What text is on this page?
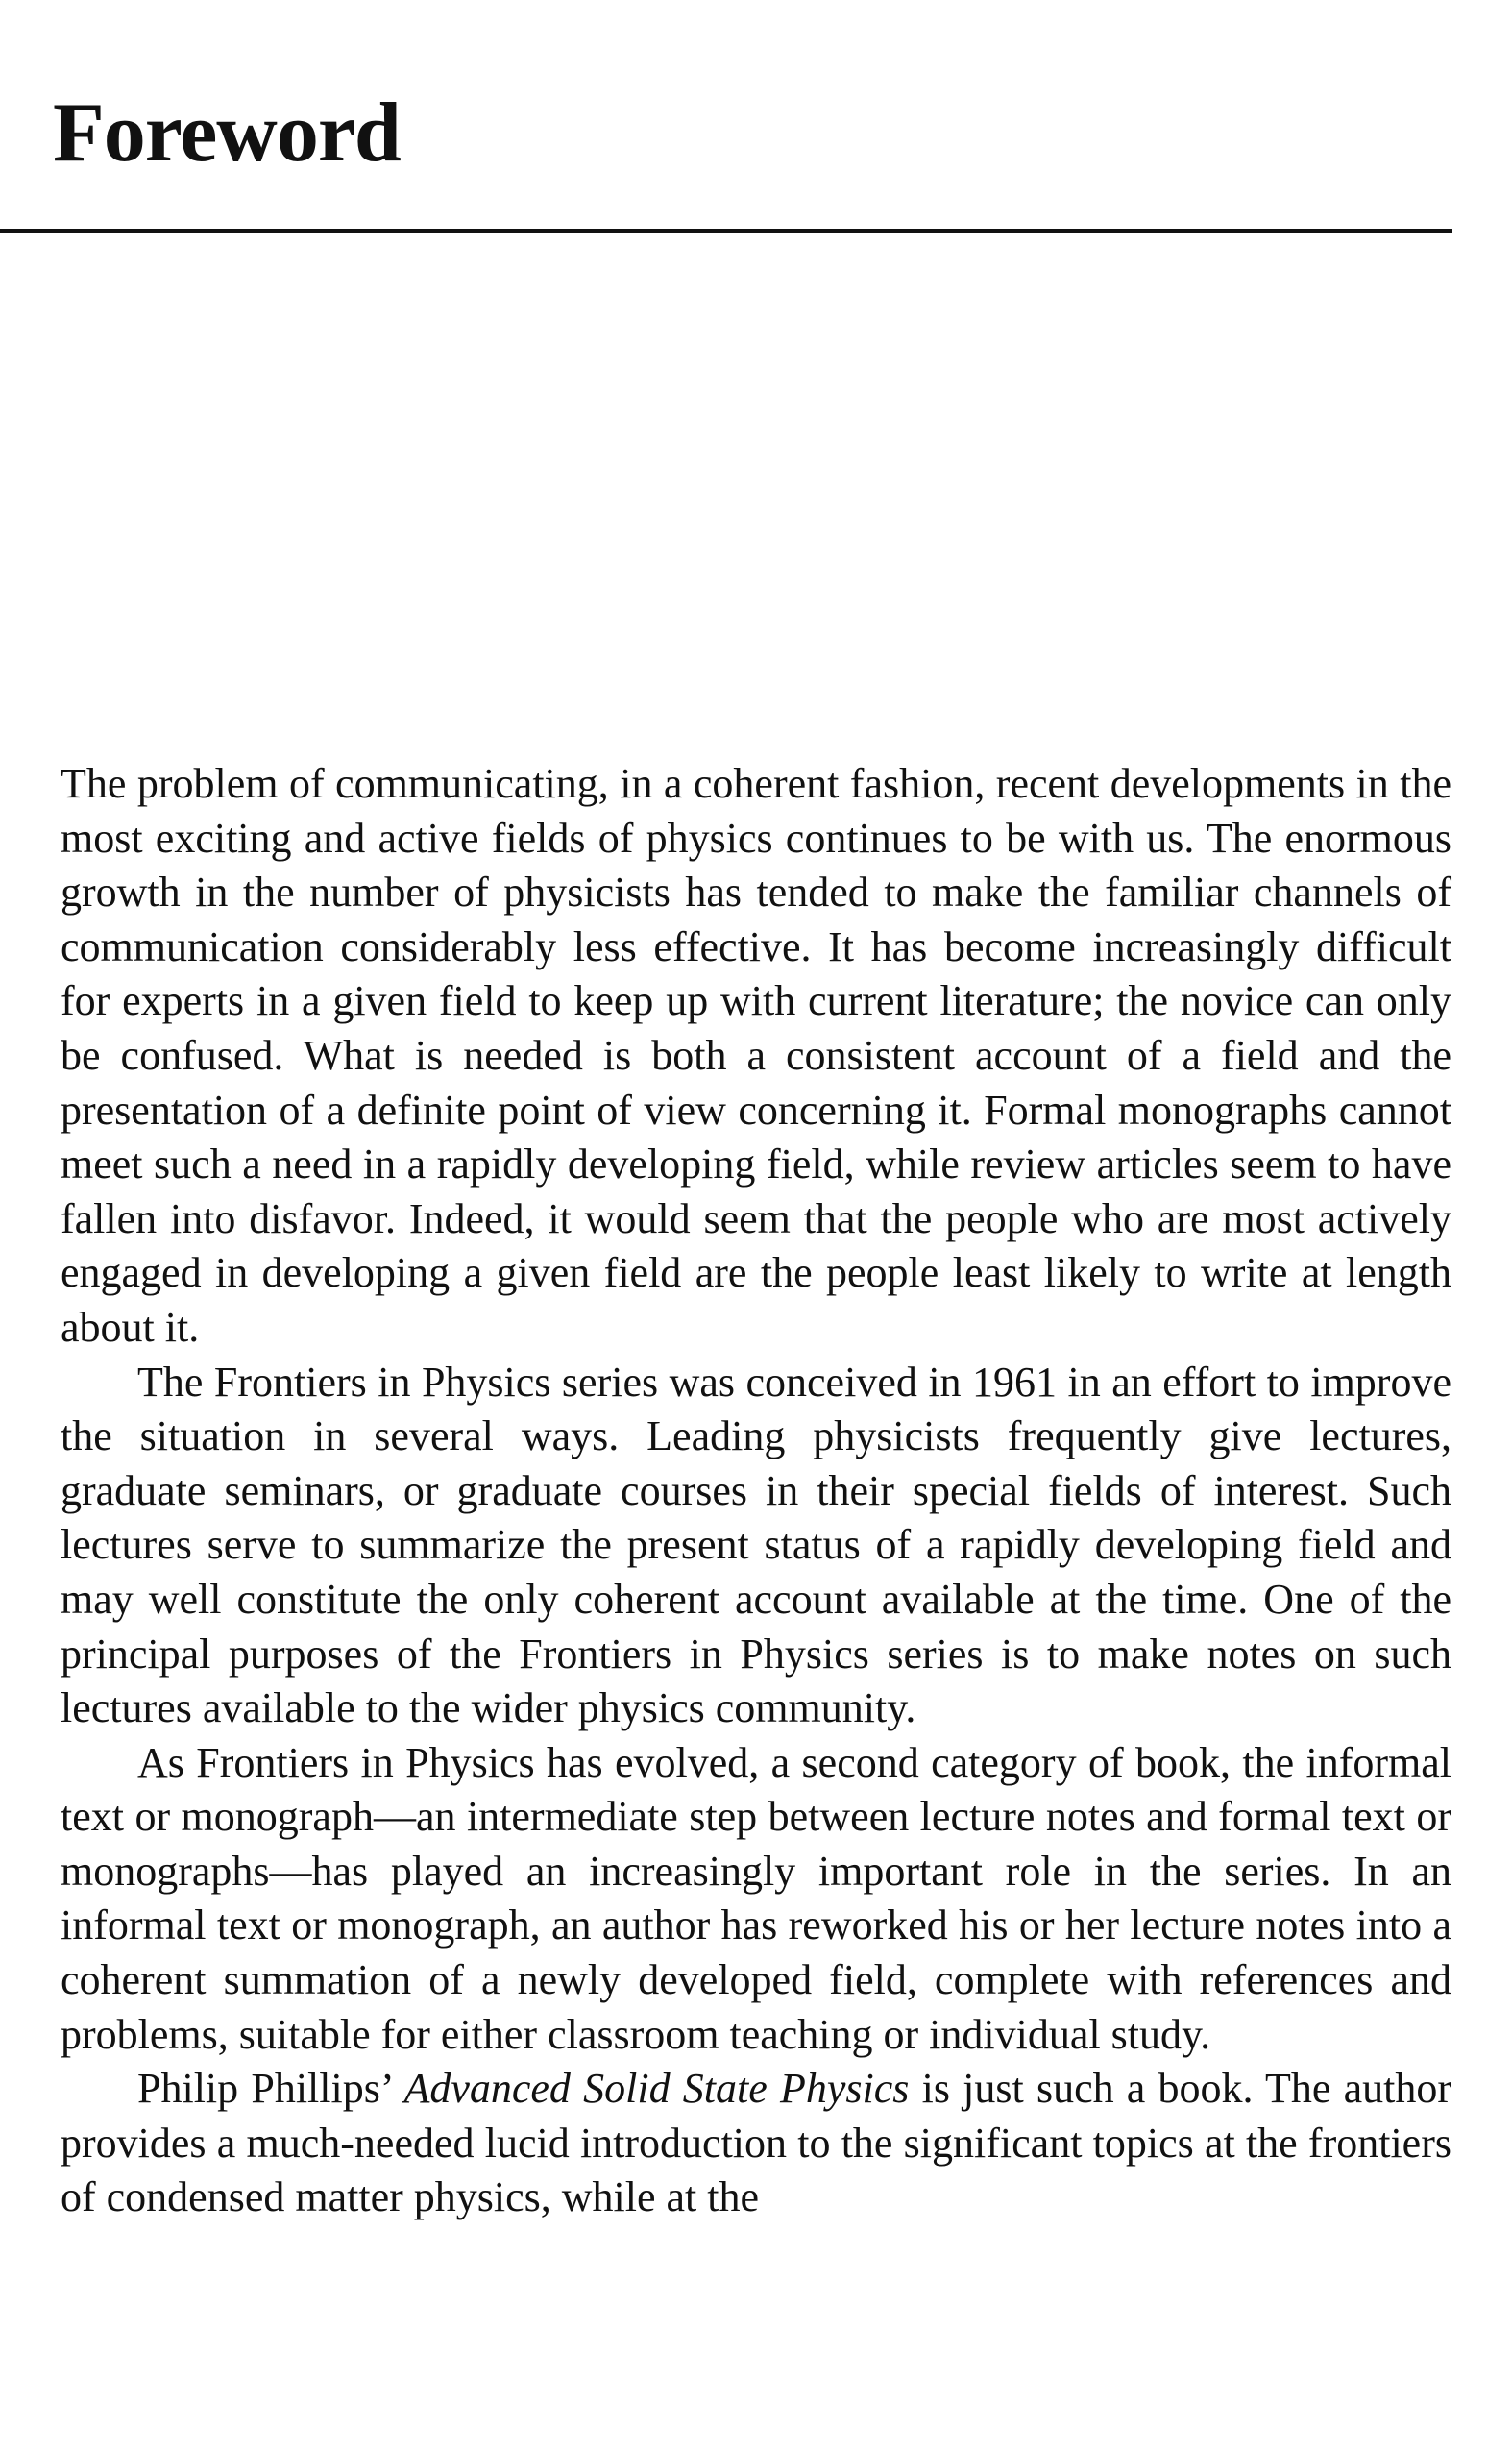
Foreword

The problem of communicating, in a coherent fashion, recent developments in the most exciting and active fields of physics continues to be with us. The enormous growth in the number of physicists has tended to make the familiar channels of communication considerably less effective. It has become increasingly difficult for experts in a given field to keep up with current literature; the novice can only be confused. What is needed is both a consistent account of a field and the presentation of a definite point of view concerning it. Formal monographs cannot meet such a need in a rapidly developing field, while review articles seem to have fallen into disfavor. Indeed, it would seem that the people who are most actively engaged in developing a given field are the people least likely to write at length about it.

The Frontiers in Physics series was conceived in 1961 in an effort to improve the situation in several ways. Leading physicists frequently give lectures, graduate seminars, or graduate courses in their special fields of interest. Such lectures serve to summarize the present status of a rapidly developing field and may well constitute the only coherent account available at the time. One of the principal purposes of the Frontiers in Physics series is to make notes on such lectures available to the wider physics community.

As Frontiers in Physics has evolved, a second category of book, the informal text or monograph—an intermediate step between lecture notes and formal text or monographs—has played an increasingly important role in the series. In an informal text or monograph, an author has reworked his or her lecture notes into a coherent summation of a newly developed field, complete with references and problems, suitable for either classroom teaching or individual study.

Philip Phillips’ Advanced Solid State Physics is just such a book. The author provides a much-needed lucid introduction to the significant topics at the frontiers of condensed matter physics, while at the
